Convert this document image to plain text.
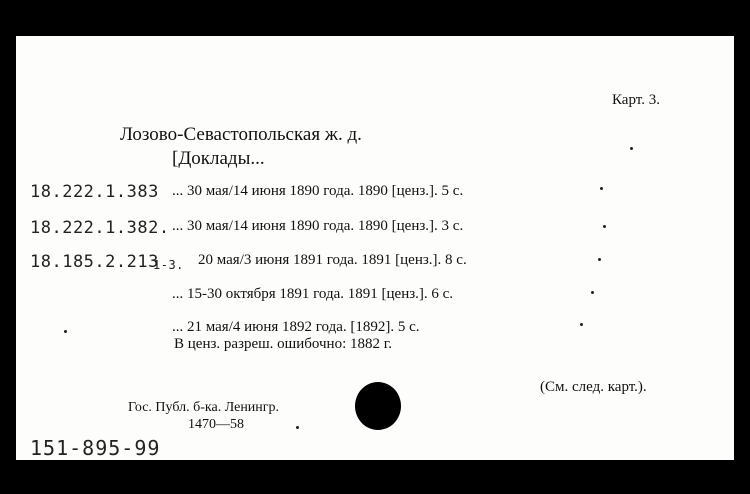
Карт. 3.
Лозово-Севастопольская ж. д.
[Доклады...
18.222.1.383 ... 30 мая/14 июня 1890 года. 1890 [ценз.]. 5 с.
18.222.1.382. ... 30 мая/14 июня 1890 года. 1890 [ценз.]. 3 с.
18.185.2.213
1-3. 20 мая/3 июня 1891 года. 1891 [ценз.]. 8 с.
... 15-30 октября 1891 года. 1891 [ценз.]. 6 с.
... 21 мая/4 июня 1892 года. [1892]. 5 с.
В ценз. разреш. ошибочно: 1882 г.
(См. след. карт.).
Гос. Публ. б-ка. Ленингр.
1470—58
151-895-99
